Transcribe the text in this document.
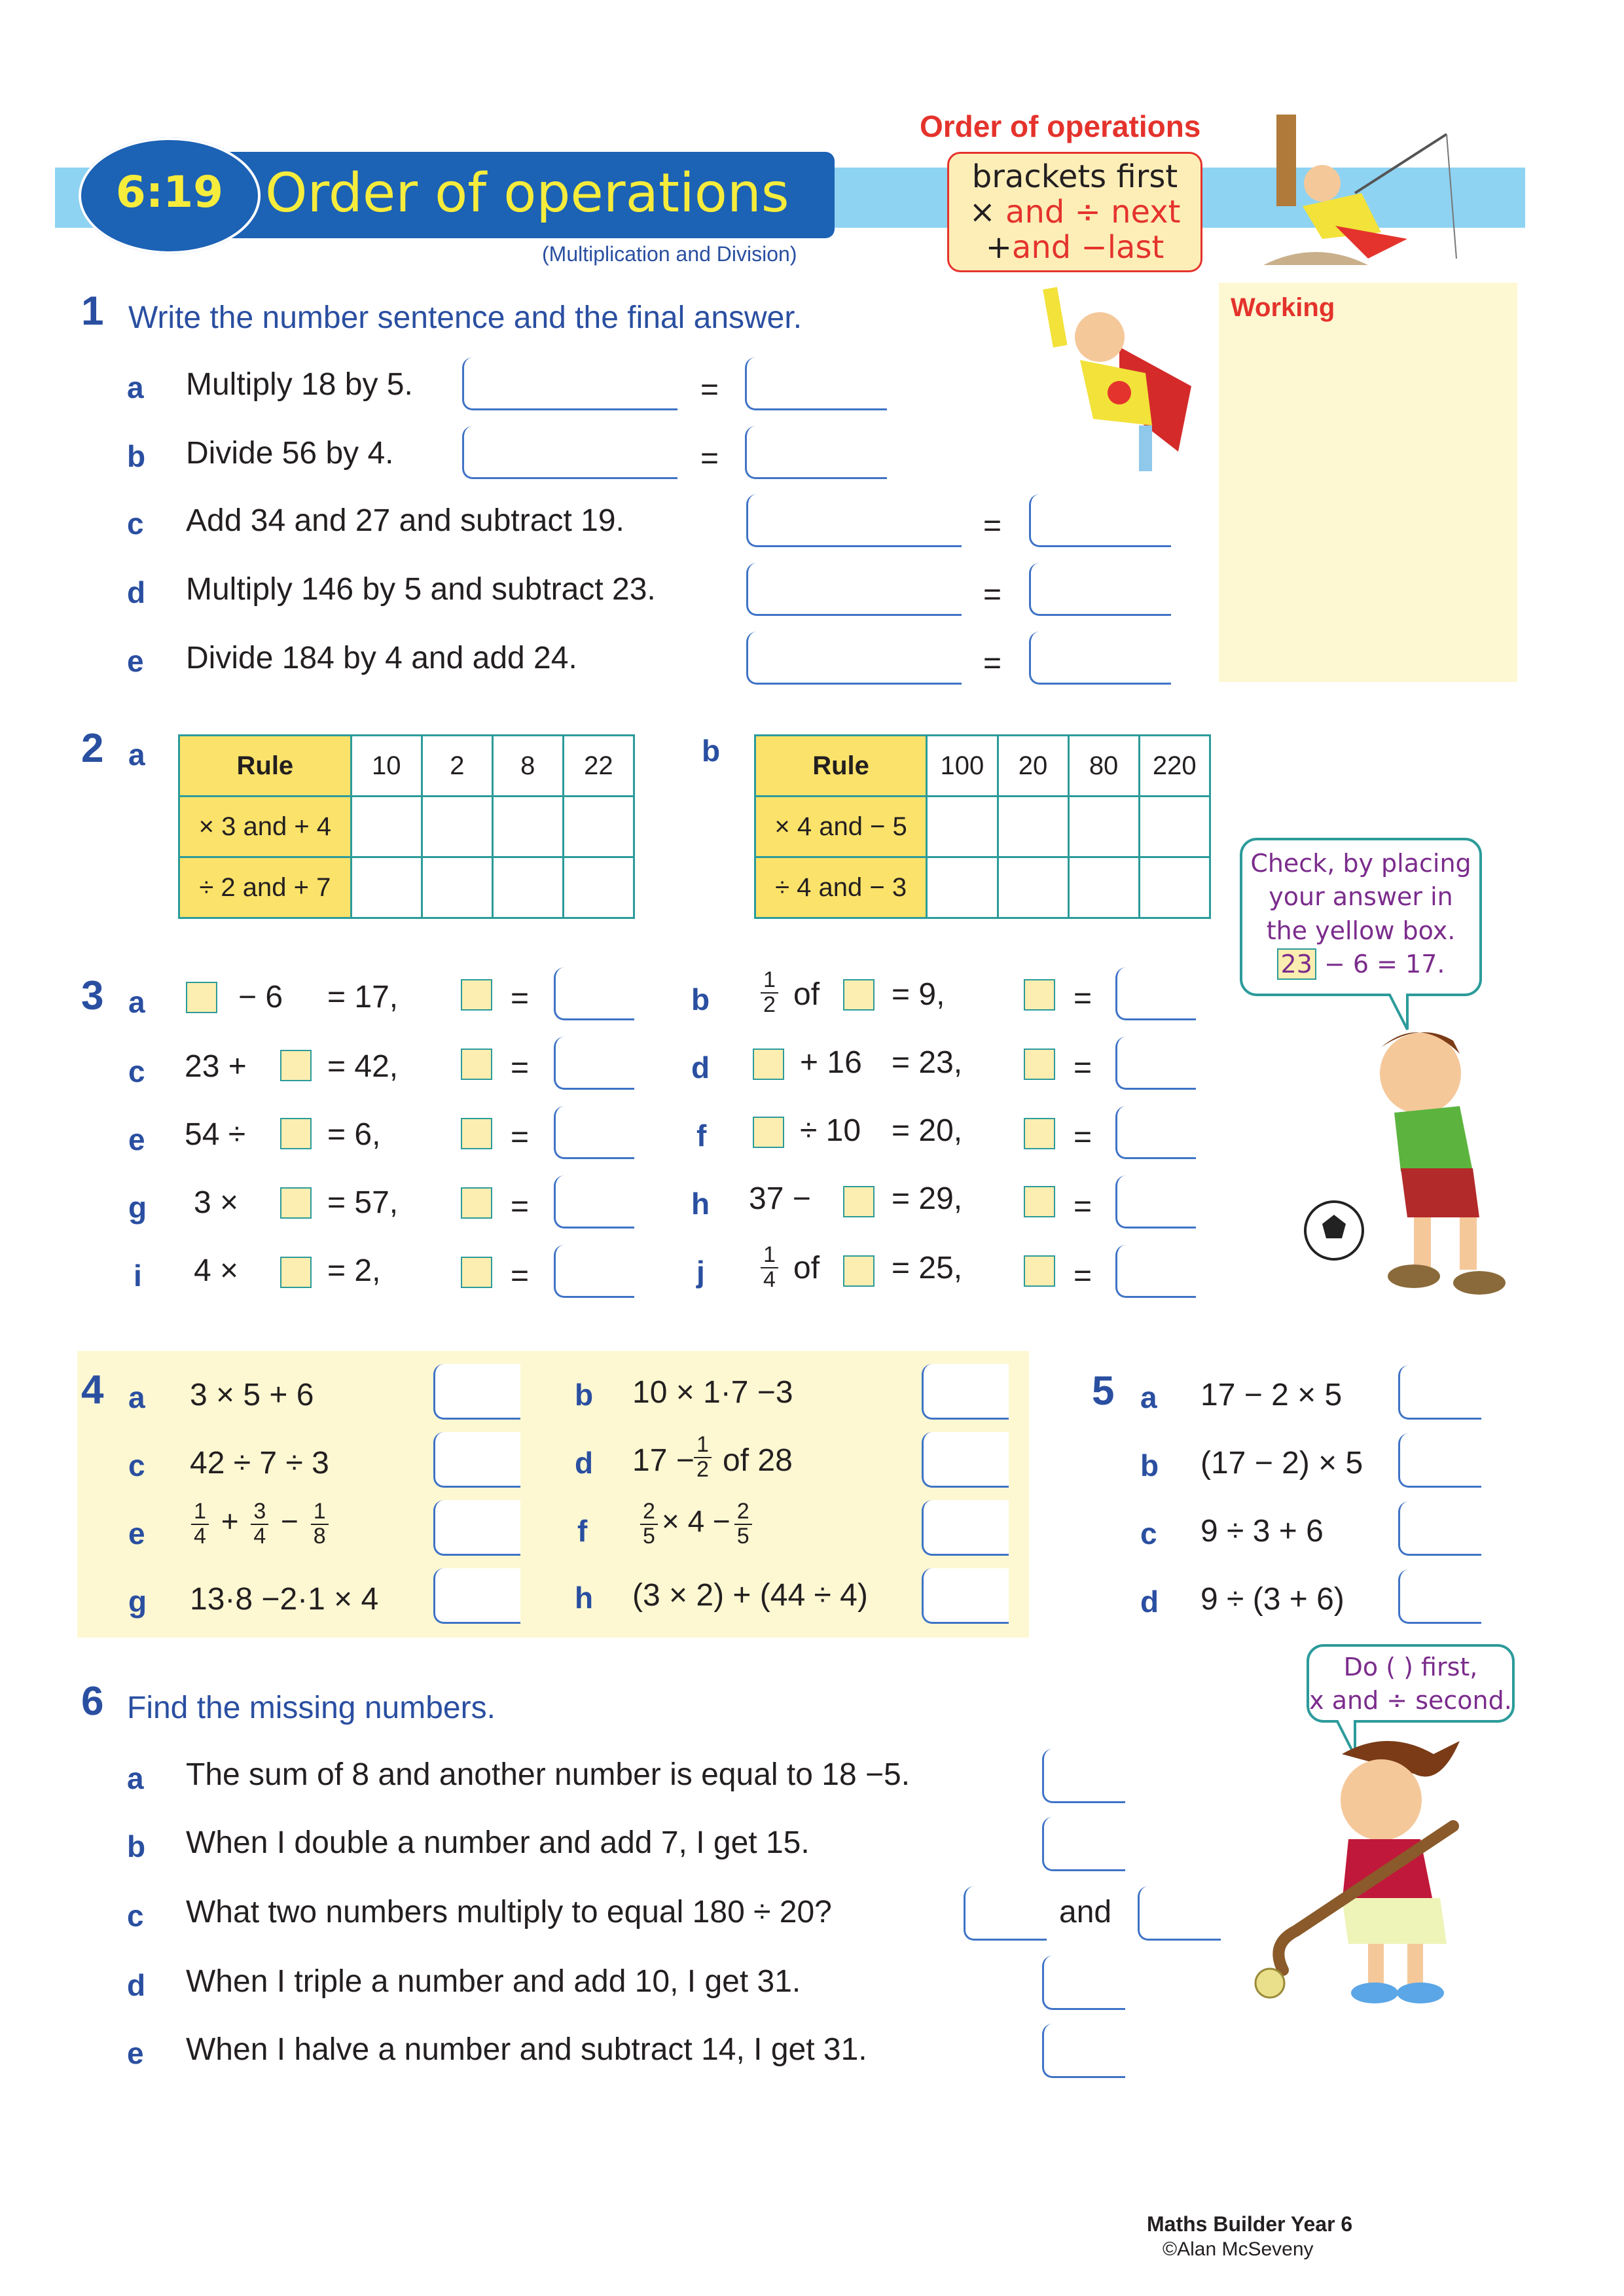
6:19 Order of operations
(Multiplication and Division)
Order of operations
brackets first
× and ÷ next
+and −last
Working
1 Write the number sentence and the final answer.
a Multiply 18 by 5.	=
b Divide 56 by 4.	=
c Add 34 and 27 and subtract 19.	=
d Multiply 146 by 5 and subtract 23.	=
e Divide 184 by 4 and add 24.	=
2 a	Rule	10	2	8	22
× 3 and + 4				
÷ 2 and + 7				
b	Rule	100	20	80	220
× 4 and − 5				
÷ 4 and − 3				
Check, by placing
your answer in
the yellow box.
23 − 6 = 17.
3 a	− 6 = 17,	=
c 23 +	= 42,	=
e 54 ÷	= 6,	=
g 3 ×	= 57,	=
i 4 ×	= 2,	=
b $\frac{1}{2}$ of = 9,	=
d	+ 16 = 23,	=
f	÷ 10 = 20,	=
h 37 −	= 29,	=
j	$\frac{1}{4}$ of = 25,	=
4 a 3 × 5 + 6	b 10 × 1·7 −3
c 42 ÷ 7 ÷ 3	d $17 - \frac{1}{2}$ of 28
e $\frac{1}{4} + \frac{3}{4} - \frac{1}{8}$	f $\frac{2}{5} \times 4 - \frac{2}{5}$
g 13·8 −2·1 × 4	h (3 × 2) + (44 ÷ 4)
5 a 17 − 2 × 5
b (17 − 2) × 5
c 9 ÷ 3 + 6
d 9 ÷ (3 + 6)
Do ( ) first,
x and ÷ second.
6 Find the missing numbers.
a The sum of 8 and another number is equal to 18 −5.
b When I double a number and add 7, I get 15.
c What two numbers multiply to equal 180 ÷ 20?	and
d When I triple a number and add 10, I get 31.
e When I halve a number and subtract 14, I get 31.
Maths Builder Year 6
©Alan McSeveny
